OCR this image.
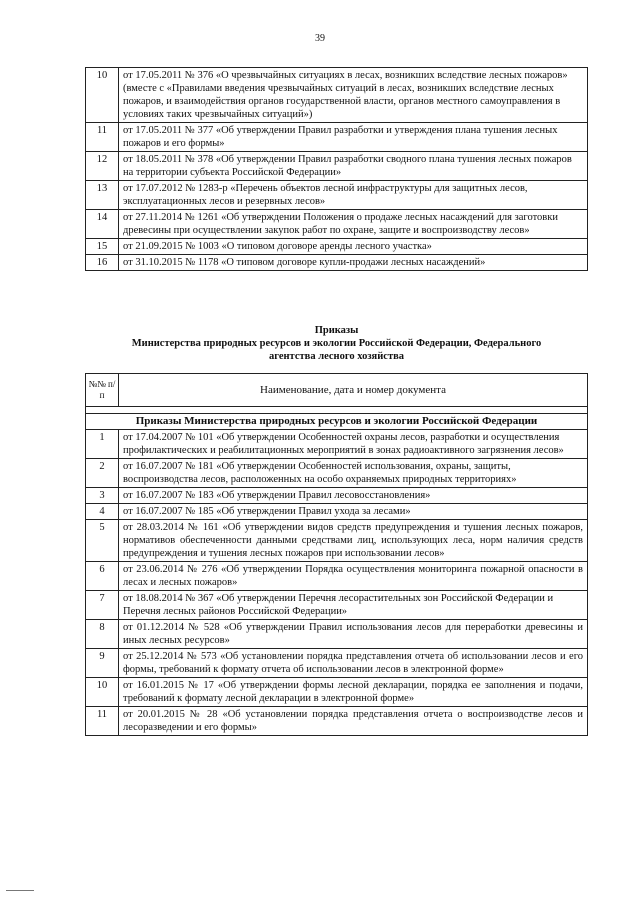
39
10	от 17.05.2011 № 376 «О чрезвычайных ситуациях в лесах, возникших вследствие лесных пожаров» (вместе с «Правилами введения чрезвычайных ситуаций в лесах, возникших вследствие лесных пожаров, и взаимодействия органов государственной власти, органов местного самоуправления в условиях таких чрезвычайных ситуаций»)
11	от 17.05.2011 № 377 «Об утверждении Правил разработки и утверждения плана тушения лесных пожаров и его формы»
12	от 18.05.2011 № 378 «Об утверждении Правил разработки сводного плана тушения лесных пожаров на территории субъекта Российской Федерации»
13	от 17.07.2012 № 1283-р «Перечень объектов лесной инфраструктуры для защитных лесов, эксплуатационных лесов и резервных лесов»
14	от 27.11.2014 № 1261 «Об утверждении Положения о продаже лесных насаждений для заготовки древесины при осуществлении закупок работ по охране, защите и воспроизводству лесов»
15	от 21.09.2015 № 1003 «О типовом договоре аренды лесного участка»
16	от 31.10.2015 № 1178 «О типовом договоре купли-продажи лесных насаждений»
Приказы
Министерства природных ресурсов и экологии Российской Федерации, Федерального
агентства лесного хозяйства
№№ п/п	Наименование, дата и номер документа

Приказы Министерства природных ресурсов и экологии Российской Федерации	
1	от 17.04.2007 № 101 «Об утверждении Особенностей охраны лесов, разработки и осуществления профилактических и реабилитационных мероприятий в зонах радиоактивного загрязнения лесов»
2	от 16.07.2007 № 181 «Об утверждении Особенностей использования, охраны, защиты, воспроизводства лесов, расположенных на особо охраняемых природных территориях»
3	от 16.07.2007 № 183 «Об утверждении Правил лесовосстановления»
4	от 16.07.2007 № 185 «Об утверждении Правил ухода за лесами»
5	от 28.03.2014 № 161 «Об утверждении видов средств предупреждения и тушения лесных пожаров, нормативов обеспеченности данными средствами лиц, использующих леса, норм наличия средств предупреждения и тушения лесных пожаров при использовании лесов»
6	от 23.06.2014 № 276 «Об утверждении Порядка осуществления мониторинга пожарной опасности в лесах и лесных пожаров»
7	от 18.08.2014 № 367 «Об утверждении Перечня лесорастительных зон Российской Федерации и Перечня лесных районов Российской Федерации»
8	от 01.12.2014 № 528 «Об утверждении Правил использования лесов для переработки древесины и иных лесных ресурсов»
9	от 25.12.2014 № 573 «Об установлении порядка представления отчета об использовании лесов и его формы, требований к формату отчета об использовании лесов в электронной форме»
10	от 16.01.2015 № 17 «Об утверждении формы лесной декларации, порядка ее заполнения и подачи, требований к формату лесной декларации в электронной форме»
11	от 20.01.2015 № 28 «Об установлении порядка представления отчета о воспроизводстве лесов и лесоразведении и его формы»
